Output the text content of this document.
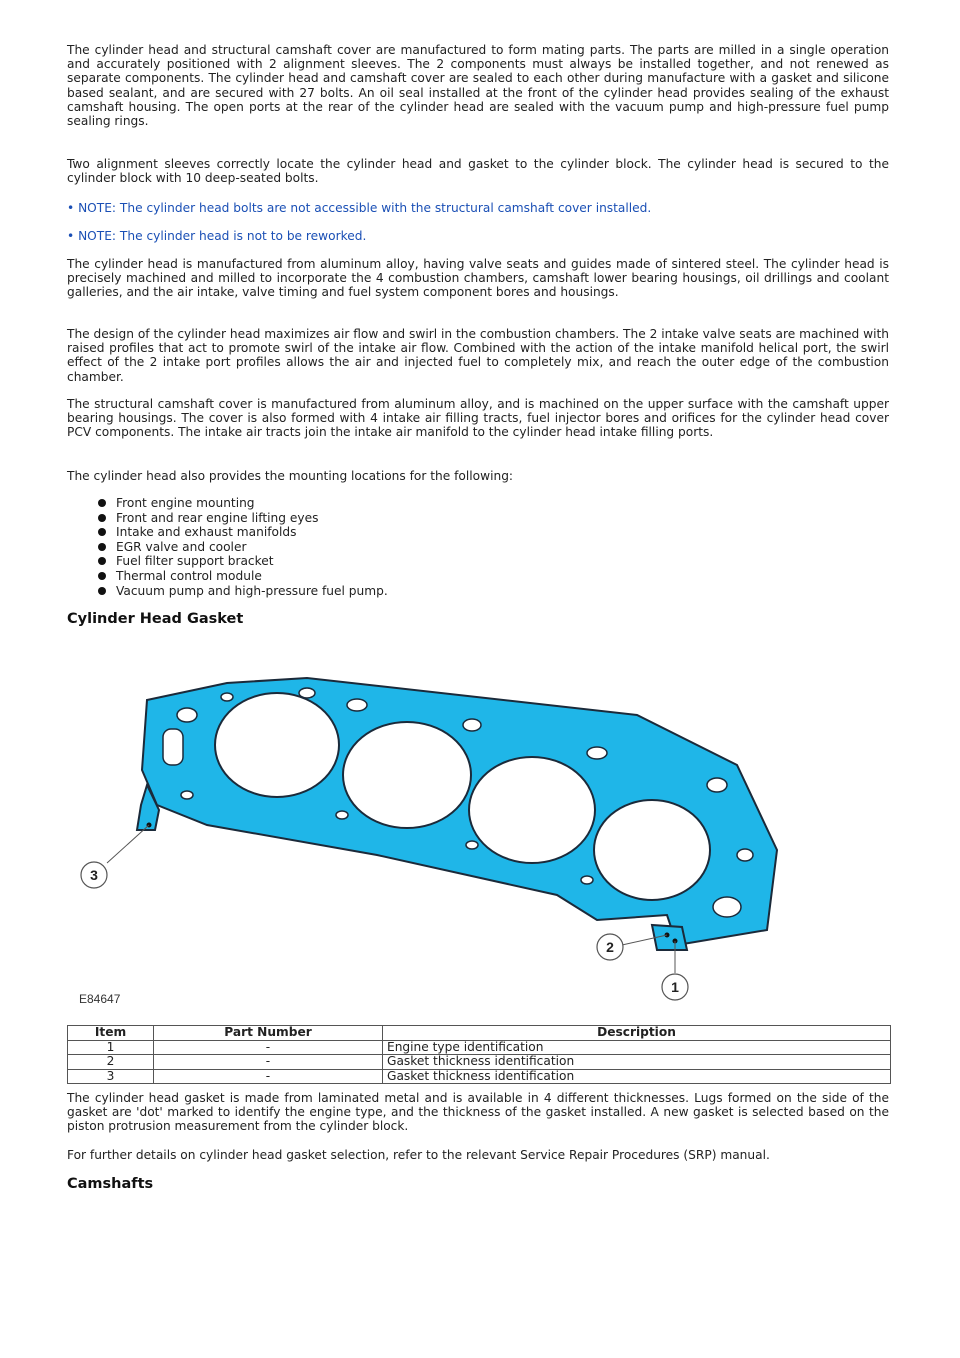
The cylinder head and structural camshaft cover are manufactured to form mating parts. The parts are milled in a single operation and accurately positioned with 2 alignment sleeves. The 2 components must always be installed together, and not renewed as separate components. The cylinder head and camshaft cover are sealed to each other during manufacture with a gasket and silicone based sealant, and are secured with 27 bolts. An oil seal installed at the front of the cylinder head provides sealing of the exhaust camshaft housing. The open ports at the rear of the cylinder head are sealed with the vacuum pump and high-pressure fuel pump sealing rings.

Two alignment sleeves correctly locate the cylinder head and gasket to the cylinder block. The cylinder head is secured to the cylinder block with 10 deep-seated bolts.

• NOTE: The cylinder head bolts are not accessible with the structural camshaft cover installed.

• NOTE: The cylinder head is not to be reworked.

The cylinder head is manufactured from aluminum alloy, having valve seats and guides made of sintered steel. The cylinder head is precisely machined and milled to incorporate the 4 combustion chambers, camshaft lower bearing housings, oil drillings and coolant galleries, and the air intake, valve timing and fuel system component bores and housings.

The design of the cylinder head maximizes air flow and swirl in the combustion chambers. The 2 intake valve seats are machined with raised profiles that act to promote swirl of the intake air flow. Combined with the action of the intake manifold helical port, the swirl effect of the 2 intake port profiles allows the air and injected fuel to completely mix, and reach the outer edge of the combustion chamber.

The structural camshaft cover is manufactured from aluminum alloy, and is machined on the upper surface with the camshaft upper bearing housings. The cover is also formed with 4 intake air filling tracts, fuel injector bores and orifices for the cylinder head cover PCV components. The intake air tracts join the intake air manifold to the cylinder head intake filling ports.

The cylinder head also provides the mounting locations for the following:

Front engine mounting
Front and rear engine lifting eyes
Intake and exhaust manifolds
EGR valve and cooler
Fuel filter support bracket
Thermal control module
Vacuum pump and high-pressure fuel pump.
Cylinder Head Gasket
3
2
1
E84647
Item	Part Number	Description
1	-	Engine type identification
2	-	Gasket thickness identification
3	-	Gasket thickness identification

The cylinder head gasket is made from laminated metal and is available in 4 different thicknesses. Lugs formed on the side of the gasket are 'dot' marked to identify the engine type, and the thickness of the gasket installed. A new gasket is selected based on the piston protrusion measurement from the cylinder block.

For further details on cylinder head gasket selection, refer to the relevant Service Repair Procedures (SRP) manual.

Camshafts
